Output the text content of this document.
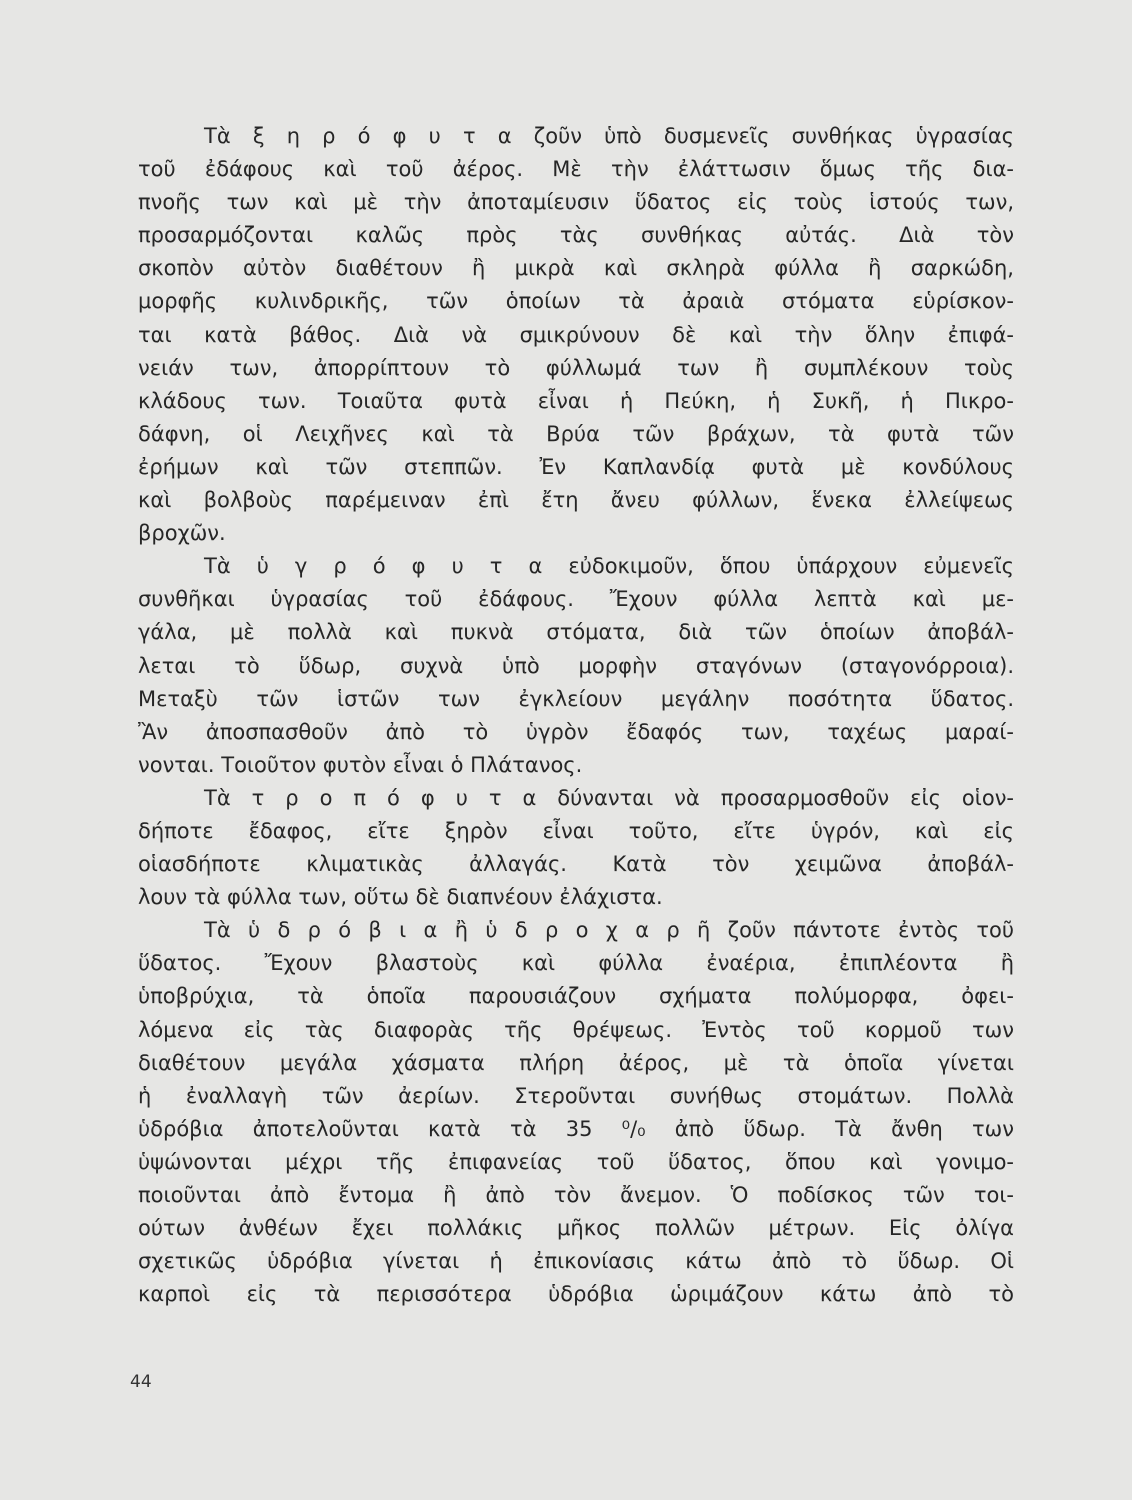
Τὰ ξ η ρ ό φ υ τ α ζοῦν ὑπὸ δυσμενεῖς συνθήκας ὑγρασίας
τοῦ ἐδάφους καὶ τοῦ ἀέρος. Μὲ τὴν ἐλάττωσιν ὅμως τῆς δια-
πνοῆς των καὶ μὲ τὴν ἀποταμίευσιν ὕδατος εἰς τοὺς ἱστούς των,
προσαρμόζονται καλῶς πρὸς τὰς συνθήκας αὐτάς. Διὰ τὸν
σκοπὸν αὐτὸν διαθέτουν ἢ μικρὰ καὶ σκληρὰ φύλλα ἢ σαρκώδη,
μορφῆς κυλινδρικῆς, τῶν ὁποίων τὰ ἀραιὰ στόματα εὑρίσκον-
ται κατὰ βάθος. Διὰ νὰ σμικρύνουν δὲ καὶ τὴν ὅλην ἐπιφά-
νειάν των, ἀπορρίπτουν τὸ φύλλωμά των ἢ συμπλέκουν τοὺς
κλάδους των. Τοιαῦτα φυτὰ εἶναι ἡ Πεύκη, ἡ Συκῆ, ἡ Πικρο-
δάφνη, οἱ Λειχῆνες καὶ τὰ Βρύα τῶν βράχων, τὰ φυτὰ τῶν
ἐρήμων καὶ τῶν στεππῶν. Ἐν Καπλανδίᾳ φυτὰ μὲ κονδύλους
καὶ βολβοὺς παρέμειναν ἐπὶ ἔτη ἄνευ φύλλων, ἕνεκα ἐλλείψεως
βροχῶν.
Τὰ ὑ γ ρ ό φ υ τ α εὐδοκιμοῦν, ὅπου ὑπάρχουν εὐμενεῖς
συνθῆκαι ὑγρασίας τοῦ ἐδάφους. Ἔχουν φύλλα λεπτὰ καὶ με-
γάλα, μὲ πολλὰ καὶ πυκνὰ στόματα, διὰ τῶν ὁποίων ἀποβάλ-
λεται τὸ ὕδωρ, συχνὰ ὑπὸ μορφὴν σταγόνων (σταγονόρροια).
Μεταξὺ τῶν ἱστῶν των ἐγκλείουν μεγάλην ποσότητα ὕδατος.
Ἂν ἀποσπασθοῦν ἀπὸ τὸ ὑγρὸν ἔδαφός των, ταχέως μαραί-
νονται. Τοιοῦτον φυτὸν εἶναι ὁ Πλάτανος.
Τὰ τ ρ ο π ό φ υ τ α δύνανται νὰ προσαρμοσθοῦν εἰς οἱον-
δήποτε ἔδαφος, εἴτε ξηρὸν εἶναι τοῦτο, εἴτε ὑγρόν, καὶ εἰς
οἱασδήποτε κλιματικὰς ἀλλαγάς. Κατὰ τὸν χειμῶνα ἀποβάλ-
λουν τὰ φύλλα των, οὕτω δὲ διαπνέουν ἐλάχιστα.
Τὰ ὑ δ ρ ό β ι α ἢ ὑ δ ρ ο χ α ρ ῆ ζοῦν πάντοτε ἐντὸς τοῦ
ὕδατος. Ἔχουν βλαστοὺς καὶ φύλλα ἐναέρια, ἐπιπλέοντα ἢ
ὑποβρύχια, τὰ ὁποῖα παρουσιάζουν σχήματα πολύμορφα, ὀφει-
λόμενα εἰς τὰς διαφορὰς τῆς θρέψεως. Ἐντὸς τοῦ κορμοῦ των
διαθέτουν μεγάλα χάσματα πλήρη ἀέρος, μὲ τὰ ὁποῖα γίνεται
ἡ ἐναλλαγὴ τῶν ἀερίων. Στεροῦνται συνήθως στομάτων. Πολλὰ
ὑδρόβια ἀποτελοῦνται κατὰ τὰ 35 ⁰/₀ ἀπὸ ὕδωρ. Τὰ ἄνθη των
ὑψώνονται μέχρι τῆς ἐπιφανείας τοῦ ὕδατος, ὅπου καὶ γονιμο-
ποιοῦνται ἀπὸ ἔντομα ἢ ἀπὸ τὸν ἄνεμον. Ὁ ποδίσκος τῶν τοι-
ούτων ἀνθέων ἔχει πολλάκις μῆκος πολλῶν μέτρων. Εἰς ὀλίγα
σχετικῶς ὑδρόβια γίνεται ἡ ἐπικονίασις κάτω ἀπὸ τὸ ὕδωρ. Οἱ
καρποὶ εἰς τὰ περισσότερα ὑδρόβια ὡριμάζουν κάτω ἀπὸ τὸ
44
